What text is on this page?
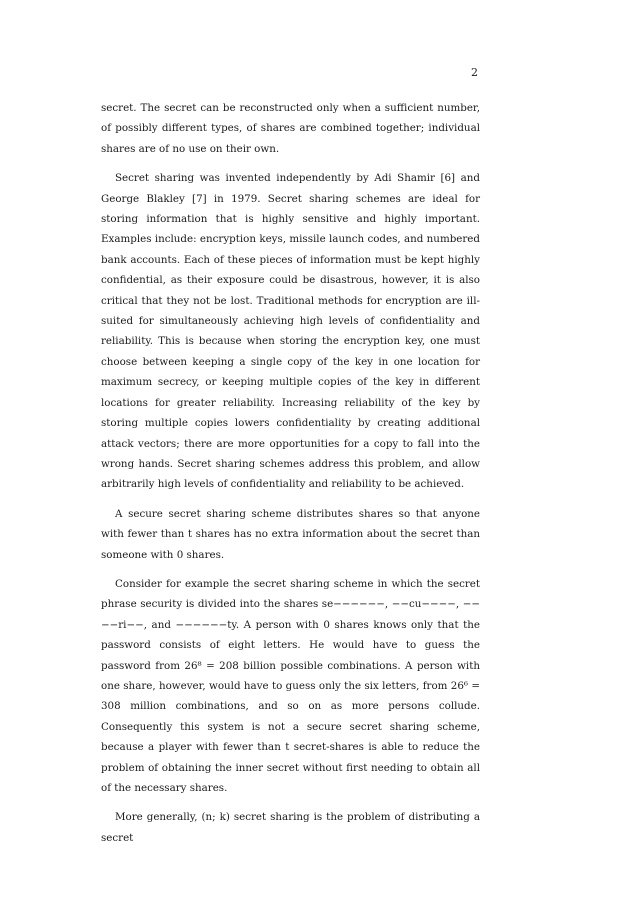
2

secret. The secret can be reconstructed only when a sufficient number, of possibly different types, of shares are combined together; individual shares are of no use on their own.

Secret sharing was invented independently by Adi Shamir [6] and George Blakley [7] in 1979. Secret sharing schemes are ideal for storing information that is highly sensitive and highly important. Examples include: encryption keys, missile launch codes, and numbered bank accounts. Each of these pieces of information must be kept highly confidential, as their exposure could be disastrous, however, it is also critical that they not be lost. Traditional methods for encryption are ill-suited for simultaneously achieving high levels of confidentiality and reliability. This is because when storing the encryption key, one must choose between keeping a single copy of the key in one location for maximum secrecy, or keeping multiple copies of the key in different locations for greater reliability. Increasing reliability of the key by storing multiple copies lowers confidentiality by creating additional attack vectors; there are more opportunities for a copy to fall into the wrong hands. Secret sharing schemes address this problem, and allow arbitrarily high levels of confidentiality and reliability to be achieved.

A secure secret sharing scheme distributes shares so that anyone with fewer than t shares has no extra information about the secret than someone with 0 shares.

Consider for example the secret sharing scheme in which the secret phrase security is divided into the shares se−−−−−−, −−cu−−−−, −−−−ri−−, and −−−−−−ty. A person with 0 shares knows only that the password consists of eight letters. He would have to guess the password from 26⁸ = 208 billion possible combinations. A person with one share, however, would have to guess only the six letters, from 26⁶ = 308 million combinations, and so on as more persons collude. Consequently this system is not a secure secret sharing scheme, because a player with fewer than t secret-shares is able to reduce the problem of obtaining the inner secret without first needing to obtain all of the necessary shares.

More generally, (n; k) secret sharing is the problem of distributing a secret
